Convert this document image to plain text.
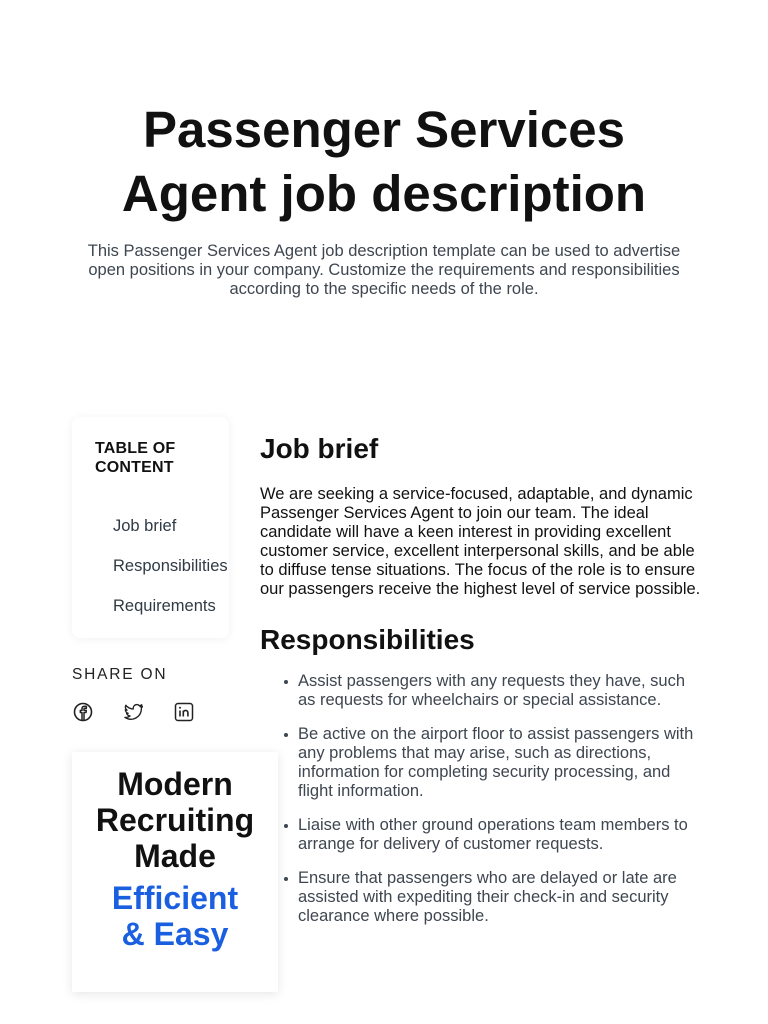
Passenger Services
Agent job description

This Passenger Services Agent job description template can be used to advertise open positions in your company. Customize the requirements and responsibilities according to the specific needs of the role.

TABLE OF
CONTENT
Job brief
Responsibilities
Requirements
SHARE ON
Modern
Recruiting
Made
Efficient
& Easy
Job brief

We are seeking a service-focused, adaptable, and dynamic Passenger Services Agent to join our team. The ideal candidate will have a keen interest in providing excellent customer service, excellent interpersonal skills, and be able to diffuse tense situations. The focus of the role is to ensure our passengers receive the highest level of service possible.

Responsibilities
Assist passengers with any requests they have, such as requests for wheelchairs or special assistance.
Be active on the airport floor to assist passengers with any problems that may arise, such as directions, information for completing security processing, and flight information.
Liaise with other ground operations team members to arrange for delivery of customer requests.
Ensure that passengers who are delayed or late are assisted with expediting their check-in and security clearance where possible.
